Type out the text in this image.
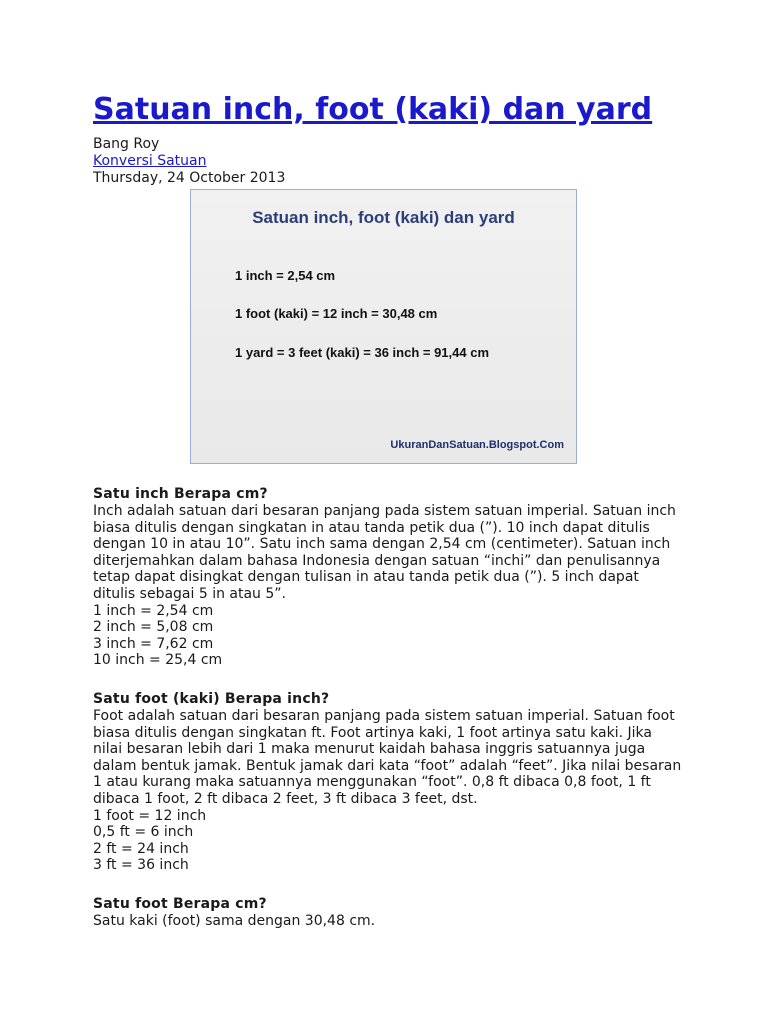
Satuan inch, foot (kaki) dan yard
Bang Roy
Konversi Satuan
Thursday, 24 October 2013
Satuan inch, foot (kaki) dan yard
1 inch = 2,54 cm
1 foot (kaki) = 12 inch = 30,48 cm
1 yard = 3 feet (kaki) = 36 inch = 91,44 cm
UkuranDanSatuan.Blogspot.Com
Satu inch Berapa cm?

Inch adalah satuan dari besaran panjang pada sistem satuan imperial. Satuan inch biasa ditulis dengan singkatan in atau tanda petik dua (”). 10 inch dapat ditulis dengan 10 in atau 10”. Satu inch sama dengan 2,54 cm (centimeter). Satuan inch diterjemahkan dalam bahasa Indonesia dengan satuan “inchi” dan penulisannya tetap dapat disingkat dengan tulisan in atau tanda petik dua (”). 5 inch dapat ditulis sebagai 5 in atau 5”.

1 inch = 2,54 cm
2 inch = 5,08 cm
3 inch = 7,62 cm
10 inch = 25,4 cm
Satu foot (kaki) Berapa inch?

Foot adalah satuan dari besaran panjang pada sistem satuan imperial. Satuan foot biasa ditulis dengan singkatan ft. Foot artinya kaki, 1 foot artinya satu kaki. Jika nilai besaran lebih dari 1 maka menurut kaidah bahasa inggris satuannya juga dalam bentuk jamak. Bentuk jamak dari kata “foot” adalah “feet”. Jika nilai besaran 1 atau kurang maka satuannya menggunakan “foot”. 0,8 ft dibaca 0,8 foot, 1 ft dibaca 1 foot, 2 ft dibaca 2 feet, 3 ft dibaca 3 feet, dst.

1 foot = 12 inch
0,5 ft = 6 inch
2 ft = 24 inch
3 ft = 36 inch
Satu foot Berapa cm?

Satu kaki (foot) sama dengan 30,48 cm.
